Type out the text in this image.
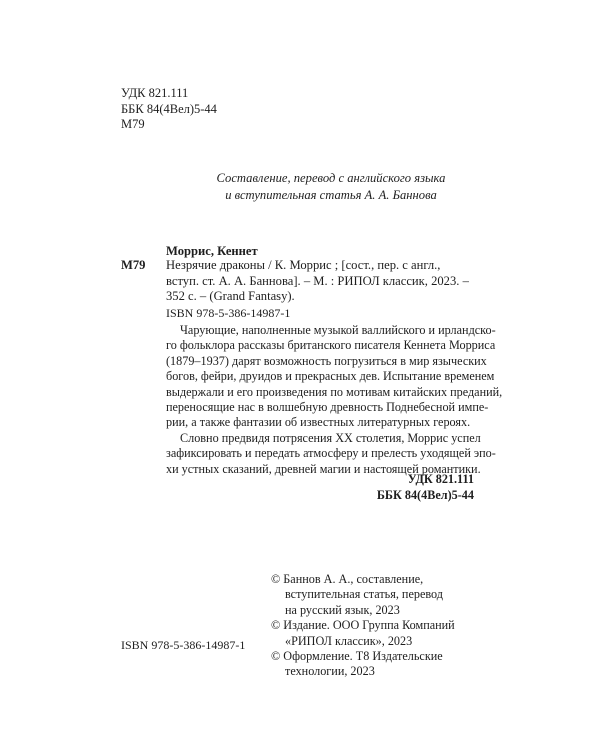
УДК 821.111
ББК 84(4Вел)5-44
М79
Составление, перевод с английского языка
и вступительная статья А. А. Баннова
Моррис, Кеннет
М79 Незрячие драконы / К. Моррис ; [сост., пер. с англ.,
вступ. ст. А. А. Баннова]. – М. : РИПОЛ классик, 2023. –
352 с. – (Grand Fantasy).
ISBN 978-5-386-14987-1
Чарующие, наполненные музыкой валлийского и ирландско-
го фольклора рассказы британского писателя Кеннета Морриса
(1879–1937) дарят возможность погрузиться в мир языческих
богов, фейри, друидов и прекрасных дев. Испытание временем
выдержали и его произведения по мотивам китайских преданий,
переносящие нас в волшебную древность Поднебесной импе-
рии, а также фантазии об известных литературных героях.
Словно предвидя потрясения XX столетия, Моррис успел
зафиксировать и передать атмосферу и прелесть уходящей эпо-
хи устных сказаний, древней магии и настоящей романтики.
УДК 821.111
ББК 84(4Вел)5-44
ISBN 978-5-386-14987-1
© Баннов А. А., составление,
вступительная статья, перевод
на русский язык, 2023
© Издание. ООО Группа Компаний
«РИПОЛ классик», 2023
© Оформление. Т8 Издательские
технологии, 2023
